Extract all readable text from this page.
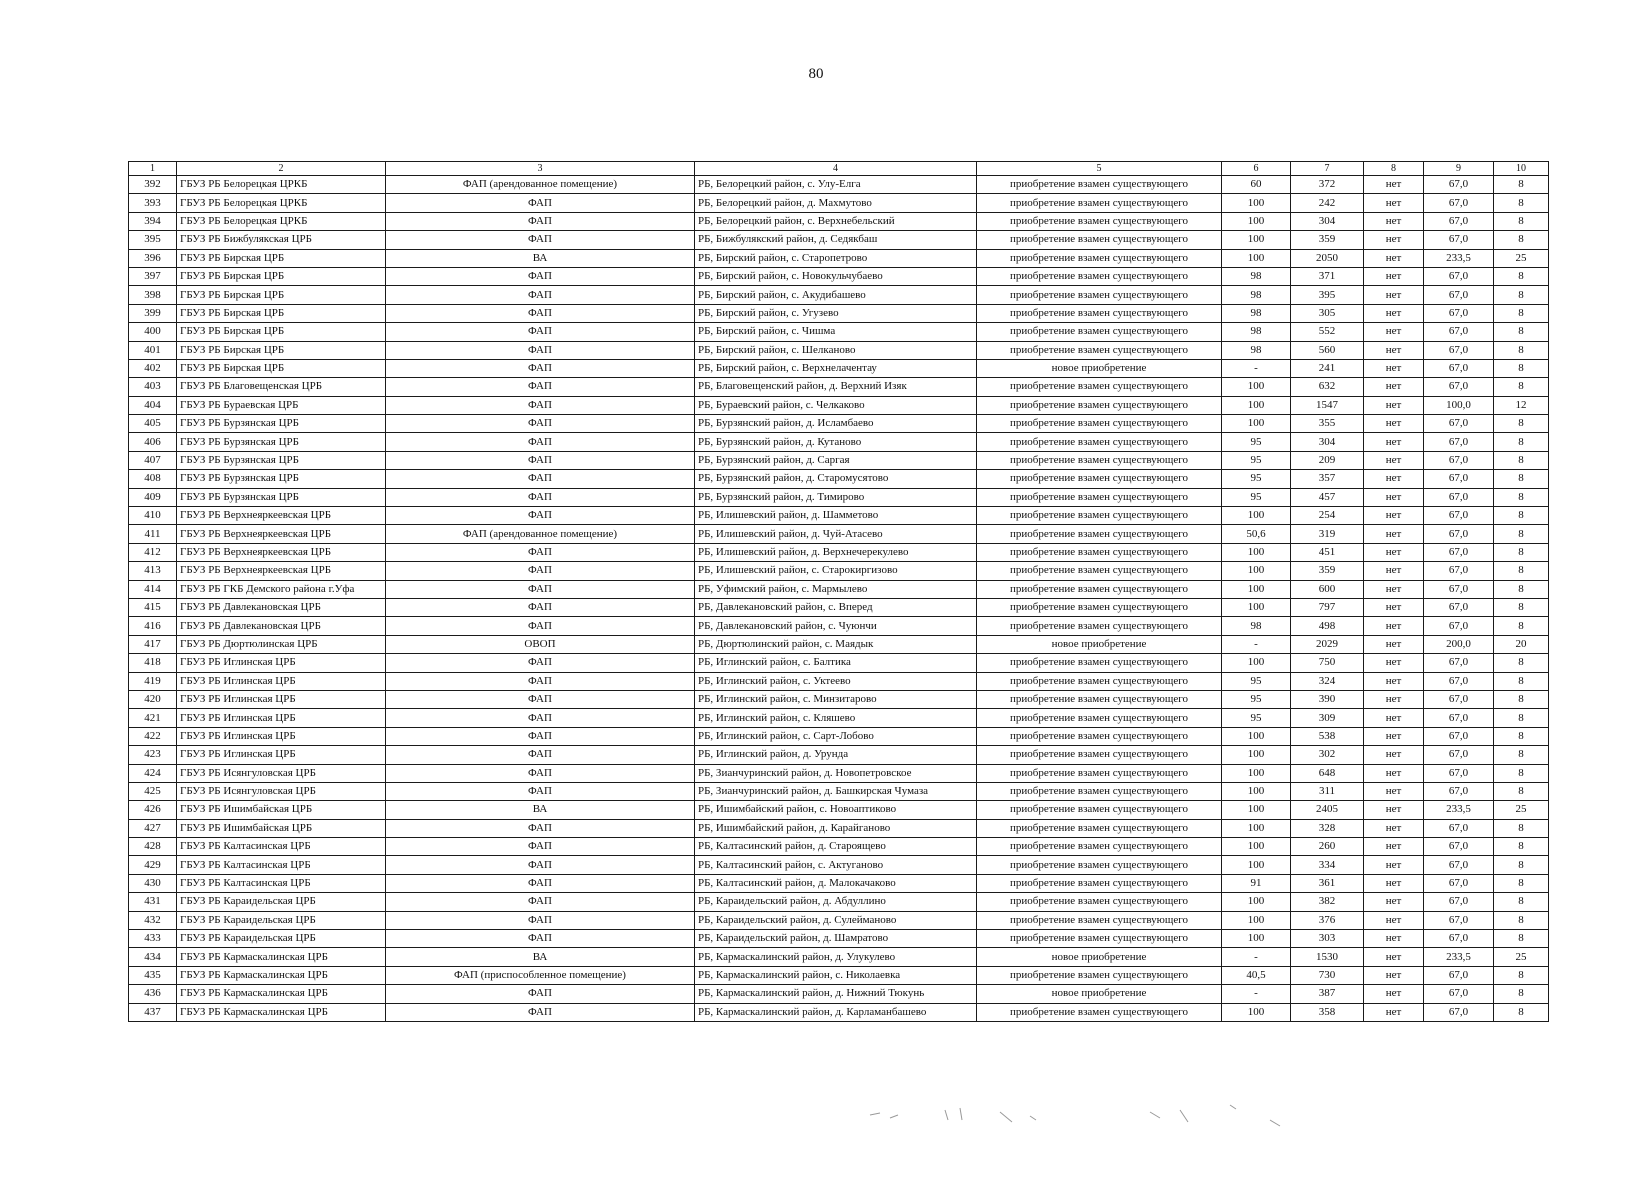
80
1	2	3	4	5	6	7	8	9	10
392	ГБУЗ РБ Белорецкая ЦРКБ	ФАП (арендованное помещение)	РБ, Белорецкий район, с. Улу-Елга	приобретение взамен существующего	60	372	нет	67,0	8
393	ГБУЗ РБ Белорецкая ЦРКБ	ФАП	РБ, Белорецкий район, д. Махмутово	приобретение взамен существующего	100	242	нет	67,0	8
394	ГБУЗ РБ Белорецкая ЦРКБ	ФАП	РБ, Белорецкий район, с. Верхнебельский	приобретение взамен существующего	100	304	нет	67,0	8
395	ГБУЗ РБ Бижбулякская ЦРБ	ФАП	РБ, Бижбулякский район, д. Седякбаш	приобретение взамен существующего	100	359	нет	67,0	8
396	ГБУЗ РБ Бирская ЦРБ	ВА	РБ, Бирский район, с. Старопетрово	приобретение взамен существующего	100	2050	нет	233,5	25
397	ГБУЗ РБ Бирская ЦРБ	ФАП	РБ, Бирский район, с. Новокульчубаево	приобретение взамен существующего	98	371	нет	67,0	8
398	ГБУЗ РБ Бирская ЦРБ	ФАП	РБ, Бирский район, с. Акудибашево	приобретение взамен существующего	98	395	нет	67,0	8
399	ГБУЗ РБ Бирская ЦРБ	ФАП	РБ, Бирский район, с. Угузево	приобретение взамен существующего	98	305	нет	67,0	8
400	ГБУЗ РБ Бирская ЦРБ	ФАП	РБ, Бирский район, с. Чишма	приобретение взамен существующего	98	552	нет	67,0	8
401	ГБУЗ РБ Бирская ЦРБ	ФАП	РБ, Бирский район, с. Шелканово	приобретение взамен существующего	98	560	нет	67,0	8
402	ГБУЗ РБ Бирская ЦРБ	ФАП	РБ, Бирский район, с. Верхнелачентау	новое приобретение	-	241	нет	67,0	8
403	ГБУЗ РБ Благовещенская ЦРБ	ФАП	РБ, Благовещенский район, д. Верхний Изяк	приобретение взамен существующего	100	632	нет	67,0	8
404	ГБУЗ РБ Бураевская ЦРБ	ФАП	РБ, Бураевский район, с. Челкаково	приобретение взамен существующего	100	1547	нет	100,0	12
405	ГБУЗ РБ Бурзянская ЦРБ	ФАП	РБ, Бурзянский район, д. Исламбаево	приобретение взамен существующего	100	355	нет	67,0	8
406	ГБУЗ РБ Бурзянская ЦРБ	ФАП	РБ, Бурзянский район, д. Кутаново	приобретение взамен существующего	95	304	нет	67,0	8
407	ГБУЗ РБ Бурзянская ЦРБ	ФАП	РБ, Бурзянский район, д. Саргая	приобретение взамен существующего	95	209	нет	67,0	8
408	ГБУЗ РБ Бурзянская ЦРБ	ФАП	РБ, Бурзянский район, д. Старомусятово	приобретение взамен существующего	95	357	нет	67,0	8
409	ГБУЗ РБ Бурзянская ЦРБ	ФАП	РБ, Бурзянский район, д. Тимирово	приобретение взамен существующего	95	457	нет	67,0	8
410	ГБУЗ РБ Верхнеяркеевская ЦРБ	ФАП	РБ, Илишевский район, д. Шамметово	приобретение взамен существующего	100	254	нет	67,0	8
411	ГБУЗ РБ Верхнеяркеевская ЦРБ	ФАП (арендованное помещение)	РБ, Илишевский район, д. Чуй-Атасево	приобретение взамен существующего	50,6	319	нет	67,0	8
412	ГБУЗ РБ Верхнеяркеевская ЦРБ	ФАП	РБ, Илишевский район, д. Верхнечерекулево	приобретение взамен существующего	100	451	нет	67,0	8
413	ГБУЗ РБ Верхнеяркеевская ЦРБ	ФАП	РБ, Илишевский район, с. Старокиргизово	приобретение взамен существующего	100	359	нет	67,0	8
414	ГБУЗ РБ ГКБ Демского района г.Уфа	ФАП	РБ, Уфимский район, с. Мармылево	приобретение взамен существующего	100	600	нет	67,0	8
415	ГБУЗ РБ Давлекановская ЦРБ	ФАП	РБ, Давлекановский район, с. Вперед	приобретение взамен существующего	100	797	нет	67,0	8
416	ГБУЗ РБ Давлекановская ЦРБ	ФАП	РБ, Давлекановский район, с. Чуюнчи	приобретение взамен существующего	98	498	нет	67,0	8
417	ГБУЗ РБ Дюртюлинская ЦРБ	ОВОП	РБ, Дюртюлинский район, с. Маядык	новое приобретение	-	2029	нет	200,0	20
418	ГБУЗ РБ Иглинская ЦРБ	ФАП	РБ, Иглинский район, с. Балтика	приобретение взамен существующего	100	750	нет	67,0	8
419	ГБУЗ РБ Иглинская ЦРБ	ФАП	РБ, Иглинский район, с. Уктеево	приобретение взамен существующего	95	324	нет	67,0	8
420	ГБУЗ РБ Иглинская ЦРБ	ФАП	РБ, Иглинский район, с. Минзитарово	приобретение взамен существующего	95	390	нет	67,0	8
421	ГБУЗ РБ Иглинская ЦРБ	ФАП	РБ, Иглинский район, с. Кляшево	приобретение взамен существующего	95	309	нет	67,0	8
422	ГБУЗ РБ Иглинская ЦРБ	ФАП	РБ, Иглинский район, с. Сарт-Лобово	приобретение взамен существующего	100	538	нет	67,0	8
423	ГБУЗ РБ Иглинская ЦРБ	ФАП	РБ, Иглинский район, д. Урунда	приобретение взамен существующего	100	302	нет	67,0	8
424	ГБУЗ РБ Исянгуловская ЦРБ	ФАП	РБ, Зианчуринский район, д. Новопетровское	приобретение взамен существующего	100	648	нет	67,0	8
425	ГБУЗ РБ Исянгуловская ЦРБ	ФАП	РБ, Зианчуринский район, д. Башкирская Чумаза	приобретение взамен существующего	100	311	нет	67,0	8
426	ГБУЗ РБ Ишимбайская ЦРБ	ВА	РБ, Ишимбайский район, с. Новоаптиково	приобретение взамен существующего	100	2405	нет	233,5	25
427	ГБУЗ РБ Ишимбайская ЦРБ	ФАП	РБ, Ишимбайский район, д. Карайганово	приобретение взамен существующего	100	328	нет	67,0	8
428	ГБУЗ РБ Калтасинская ЦРБ	ФАП	РБ, Калтасинский район, д. Староящево	приобретение взамен существующего	100	260	нет	67,0	8
429	ГБУЗ РБ Калтасинская ЦРБ	ФАП	РБ, Калтасинский район, с. Актуганово	приобретение взамен существующего	100	334	нет	67,0	8
430	ГБУЗ РБ Калтасинская ЦРБ	ФАП	РБ, Калтасинский район, д. Малокачаково	приобретение взамен существующего	91	361	нет	67,0	8
431	ГБУЗ РБ Караидельская ЦРБ	ФАП	РБ, Караидельский район, д. Абдуллино	приобретение взамен существующего	100	382	нет	67,0	8
432	ГБУЗ РБ Караидельская ЦРБ	ФАП	РБ, Караидельский район, д. Сулейманово	приобретение взамен существующего	100	376	нет	67,0	8
433	ГБУЗ РБ Караидельская ЦРБ	ФАП	РБ, Караидельский район, д. Шамратово	приобретение взамен существующего	100	303	нет	67,0	8
434	ГБУЗ РБ Кармаскалинская ЦРБ	ВА	РБ, Кармаскалинский район, д. Улукулево	новое приобретение	-	1530	нет	233,5	25
435	ГБУЗ РБ Кармаскалинская ЦРБ	ФАП (приспособленное помещение)	РБ, Кармаскалинский район, с. Николаевка	приобретение взамен существующего	40,5	730	нет	67,0	8
436	ГБУЗ РБ Кармаскалинская ЦРБ	ФАП	РБ, Кармаскалинский район, д. Нижний Тюкунь	новое приобретение	-	387	нет	67,0	8
437	ГБУЗ РБ Кармаскалинская ЦРБ	ФАП	РБ, Кармаскалинский район, д. Карламанбашево	приобретение взамен существующего	100	358	нет	67,0	8
